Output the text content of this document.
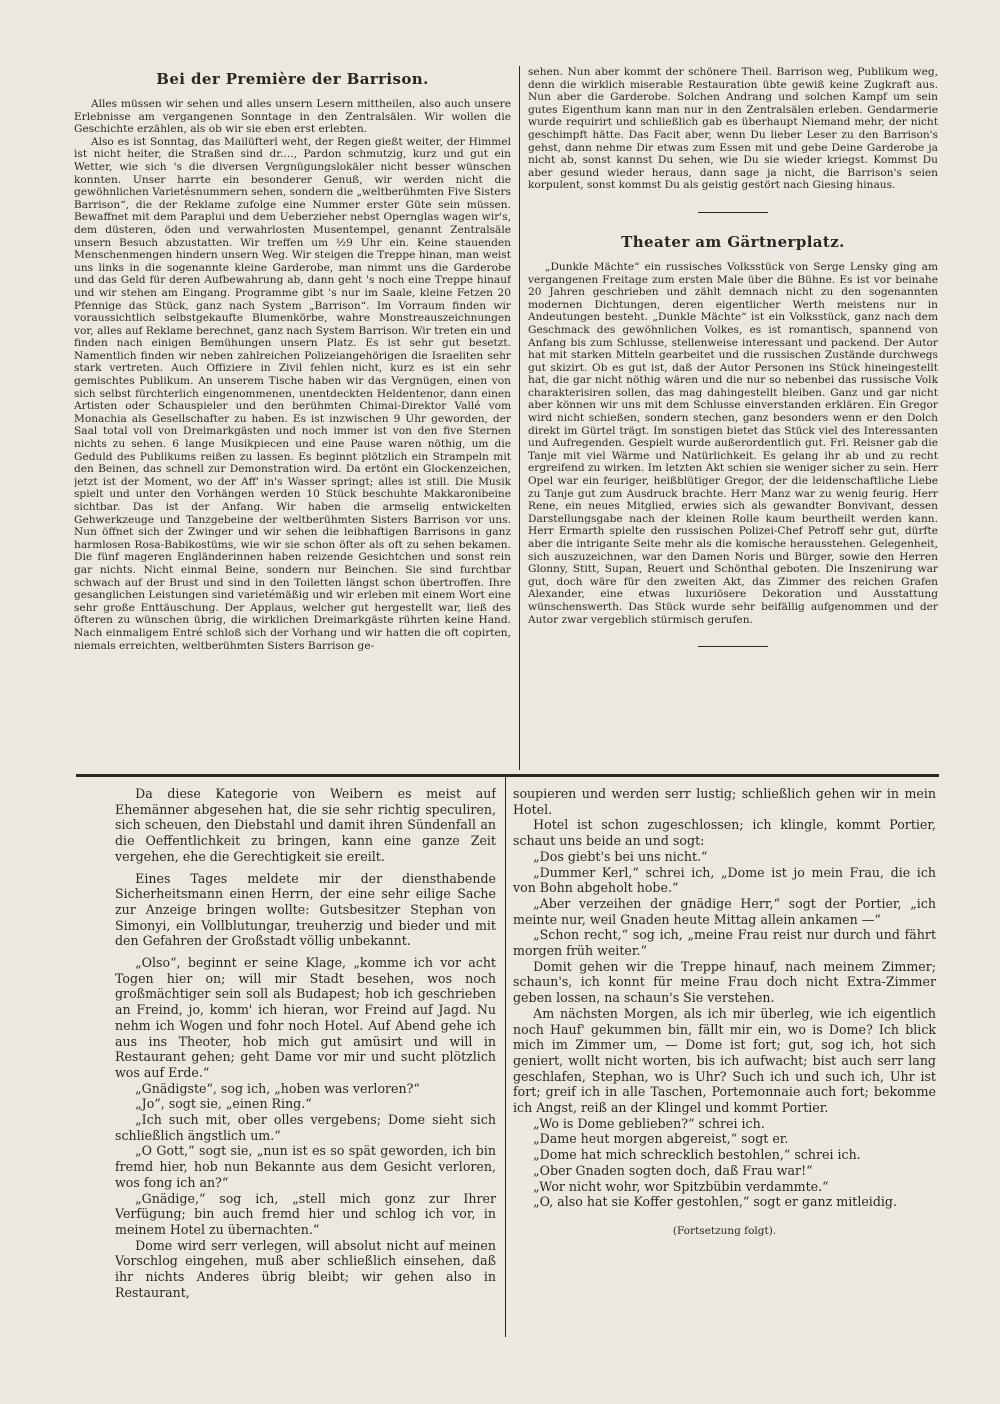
Bei der Première der Barrison.

Alles müssen wir sehen und alles unsern Lesern mittheilen, also auch unsere Erlebnisse am vergangenen Sonntage in den Zentralsälen. Wir wollen die Geschichte erzählen, als ob wir sie eben erst erlebten.

Also es ist Sonntag, das Mailüfterl weht, der Regen gießt weiter, der Himmel ist nicht heiter, die Straßen sind dr...., Pardon schmutzig, kurz und gut ein Wetter, wie sich 's die diversen Vergnügungslokäler nicht besser wünschen konnten. Unser harrte ein besonderer Genuß, wir werden nicht die gewöhnlichen Varietésnummern sehen, sondern die „weltberühmten Five Sisters Barrison“, die der Reklame zufolge eine Nummer erster Güte sein müssen. Bewaffnet mit dem Paraplui und dem Ueberzieher nebst Opernglas wagen wir's, dem düsteren, öden und verwahrlosten Musentempel, genannt Zentralsäle unsern Besuch abzustatten. Wir treffen um ½9 Uhr ein. Keine stauenden Menschenmengen hindern unsern Weg. Wir steigen die Treppe hinan, man weist uns links in die sogenannte kleine Garderobe, man nimmt uns die Garderobe und das Geld für deren Aufbewahrung ab, dann geht 's noch eine Treppe hinauf und wir stehen am Eingang. Programme gibt 's nur im Saale, kleine Fetzen 20 Pfennige das Stück, ganz nach System „Barrison“. Im Vorraum finden wir voraussichtlich selbstgekaufte Blumenkörbe, wahre Monstreauszeichnungen vor, alles auf Reklame berechnet, ganz nach System Barrison. Wir treten ein und finden nach einigen Bemühungen unsern Platz. Es ist sehr gut besetzt. Namentlich finden wir neben zahlreichen Polizeiangehörigen die Israeliten sehr stark vertreten. Auch Offiziere in Zivil fehlen nicht, kurz es ist ein sehr gemischtes Publikum. An unserem Tische haben wir das Vergnügen, einen von sich selbst fürchterlich eingenommenen, unentdeckten Heldentenor, dann einen Artisten oder Schauspieler und den berühmten Chimai-Direktor Vallé vom Monachia als Gesellschafter zu haben. Es ist inzwischen 9 Uhr geworden, der Saal total voll von Dreimarkgästen und noch immer ist von den five Sternen nichts zu sehen. 6 lange Musikpiecen und eine Pause waren nöthig, um die Geduld des Publikums reißen zu lassen. Es beginnt plötzlich ein Strampeln mit den Beinen, das schnell zur Demonstration wird. Da ertönt ein Glockenzeichen, jetzt ist der Moment, wo der Aff' in's Wasser springt; alles ist still. Die Musik spielt und unter den Vorhängen werden 10 Stück beschuhte Makkaronibeine sichtbar. Das ist der Anfang. Wir haben die armselig entwickelten Gehwerkzeuge und Tanzgebeine der weltberühmten Sisters Barrison vor uns. Nun öffnet sich der Zwinger und wir sehen die leibhaftigen Barrisons in ganz harmlosen Rosa-Babikostüms, wie wir sie schon öfter als oft zu sehen bekamen. Die fünf mageren Engländerinnen haben reizende Gesichtchen und sonst rein gar nichts. Nicht einmal Beine, sondern nur Beinchen. Sie sind furchtbar schwach auf der Brust und sind in den Toiletten längst schon übertroffen. Ihre gesanglichen Leistungen sind varietémäßig und wir erleben mit einem Wort eine sehr große Enttäuschung. Der Applaus, welcher gut hergestellt war, ließ des öfteren zu wünschen übrig, die wirklichen Dreimarkgäste rührten keine Hand. Nach einmaligem Entré schloß sich der Vorhang und wir hatten die oft copirten, niemals erreichten, weltberühmten Sisters Barrison ge-

sehen. Nun aber kommt der schönere Theil. Barrison weg, Publikum weg, denn die wirklich miserable Restauration übte gewiß keine Zugkraft aus. Nun aber die Garderobe. Solchen Andrang und solchen Kampf um sein gutes Eigenthum kann man nur in den Zentralsälen erleben. Gendarmerie wurde requirirt und schließlich gab es überhaupt Niemand mehr, der nicht geschimpft hätte. Das Facit aber, wenn Du lieber Leser zu den Barrison's gehst, dann nehme Dir etwas zum Essen mit und gebe Deine Garderobe ja nicht ab, sonst kannst Du sehen, wie Du sie wieder kriegst. Kommst Du aber gesund wieder heraus, dann sage ja nicht, die Barrison's seien korpulent, sonst kommst Du als geistig gestört nach Giesing hinaus.

Theater am Gärtnerplatz.

„Dunkle Mächte“ ein russisches Volksstück von Serge Lensky ging am vergangenen Freitage zum ersten Male über die Bühne. Es ist vor beinahe 20 Jahren geschrieben und zählt demnach nicht zu den sogenannten modernen Dichtungen, deren eigentlicher Werth meistens nur in Andeutungen besteht. „Dunkle Mächte“ ist ein Volksstück, ganz nach dem Geschmack des gewöhnlichen Volkes, es ist romantisch, spannend von Anfang bis zum Schlusse, stellenweise interessant und packend. Der Autor hat mit starken Mitteln gearbeitet und die russischen Zustände durchwegs gut skizirt. Ob es gut ist, daß der Autor Personen ins Stück hineingestellt hat, die gar nicht nöthig wären und die nur so nebenbei das russische Volk charakterisiren sollen, das mag dahingestellt bleiben. Ganz und gar nicht aber können wir uns mit dem Schlusse einverstanden erklären. Ein Gregor wird nicht schießen, sondern stechen, ganz besonders wenn er den Dolch direkt im Gürtel trägt. Im sonstigen bietet das Stück viel des Interessanten und Aufregenden. Gespielt wurde außerordentlich gut. Frl. Reisner gab die Tanje mit viel Wärme und Natürlichkeit. Es gelang ihr ab und zu recht ergreifend zu wirken. Im letzten Akt schien sie weniger sicher zu sein. Herr Opel war ein feuriger, heißblütiger Gregor, der die leidenschaftliche Liebe zu Tanje gut zum Ausdruck brachte. Herr Manz war zu wenig feurig. Herr Rene, ein neues Mitglied, erwies sich als gewandter Bonvivant, dessen Darstellungsgabe nach der kleinen Rolle kaum beurtheilt werden kann. Herr Ermarth spielte den russischen Polizei-Chef Petroff sehr gut, dürfte aber die intrigante Seite mehr als die komische herausstehen. Gelegenheit, sich auszuzeichnen, war den Damen Noris und Bürger, sowie den Herren Glonny, Stitt, Supan, Reuert und Schönthal geboten. Die Inszenirung war gut, doch wäre für den zweiten Akt, das Zimmer des reichen Grafen Alexander, eine etwas luxuriösere Dekoration und Ausstattung wünschenswerth. Das Stück wurde sehr beifällig aufgenommen und der Autor zwar vergeblich stürmisch gerufen.

Da diese Kategorie von Weibern es meist auf Ehemänner abgesehen hat, die sie sehr richtig speculiren, sich scheuen, den Diebstahl und damit ihren Sündenfall an die Oeffentlichkeit zu bringen, kann eine ganze Zeit vergehen, ehe die Gerechtigkeit sie ereilt.

Eines Tages meldete mir der diensthabende Sicherheitsmann einen Herrn, der eine sehr eilige Sache zur Anzeige bringen wollte: Gutsbesitzer Stephan von Simonyi, ein Vollblutungar, treuherzig und bieder und mit den Gefahren der Großstadt völlig unbekannt.

„Olso“, beginnt er seine Klage, „komme ich vor acht Togen hier on; will mir Stadt besehen, wos noch großmächtiger sein soll als Budapest; hob ich geschrieben an Freind, jo, komm' ich hieran, wor Freind auf Jagd. Nu nehm ich Wogen und fohr noch Hotel. Auf Abend gehe ich aus ins Theoter, hob mich gut amüsirt und will in Restaurant gehen; geht Dame vor mir und sucht plötzlich wos auf Erde.“

„Gnädigste“, sog ich, „hoben was verloren?“

„Jo“, sogt sie, „einen Ring.“

„Ich such mit, ober olles vergebens; Dome sieht sich schließlich ängstlich um.“

„O Gott,“ sogt sie, „nun ist es so spät geworden, ich bin fremd hier, hob nun Bekannte aus dem Gesicht verloren, wos fong ich an?“

„Gnädige,“ sog ich, „stell mich gonz zur Ihrer Verfügung; bin auch fremd hier und schlog ich vor, in meinem Hotel zu übernachten.“

Dome wird serr verlegen, will absolut nicht auf meinen Vorschlog eingehen, muß aber schließlich einsehen, daß ihr nichts Anderes übrig bleibt; wir gehen also in Restaurant,

soupieren und werden serr lustig; schließlich gehen wir in mein Hotel.

Hotel ist schon zugeschlossen; ich klingle, kommt Portier, schaut uns beide an und sogt:

„Dos giebt's bei uns nicht.“

„Dummer Kerl,“ schrei ich, „Dome ist jo mein Frau, die ich von Bohn abgeholt hobe.“

„Aber verzeihen der gnädige Herr,“ sogt der Portier, „ich meinte nur, weil Gnaden heute Mittag allein ankamen —“

„Schon recht,“ sog ich, „meine Frau reist nur durch und fährt morgen früh weiter.“

Domit gehen wir die Treppe hinauf, nach meinem Zimmer; schaun's, ich konnt für meine Frau doch nicht Extra-Zimmer geben lossen, na schaun's Sie verstehen.

Am nächsten Morgen, als ich mir überleg, wie ich eigentlich noch Hauf' gekummen bin, fällt mir ein, wo is Dome? Ich blick mich im Zimmer um, — Dome ist fort; gut, sog ich, hot sich geniert, wollt nicht worten, bis ich aufwacht; bist auch serr lang geschlafen, Stephan, wo is Uhr? Such ich und such ich, Uhr ist fort; greif ich in alle Taschen, Portemonnaie auch fort; bekomme ich Angst, reiß an der Klingel und kommt Portier.

„Wo is Dome geblieben?“ schrei ich.

„Dame heut morgen abgereist,“ sogt er.

„Dome hat mich schrecklich bestohlen,“ schrei ich.

„Ober Gnaden sogten doch, daß Frau war!“

„Wor nicht wohr, wor Spitzbübin verdammte.“

„O, also hat sie Koffer gestohlen,“ sogt er ganz mitleidig.

(Fortsetzung folgt).
